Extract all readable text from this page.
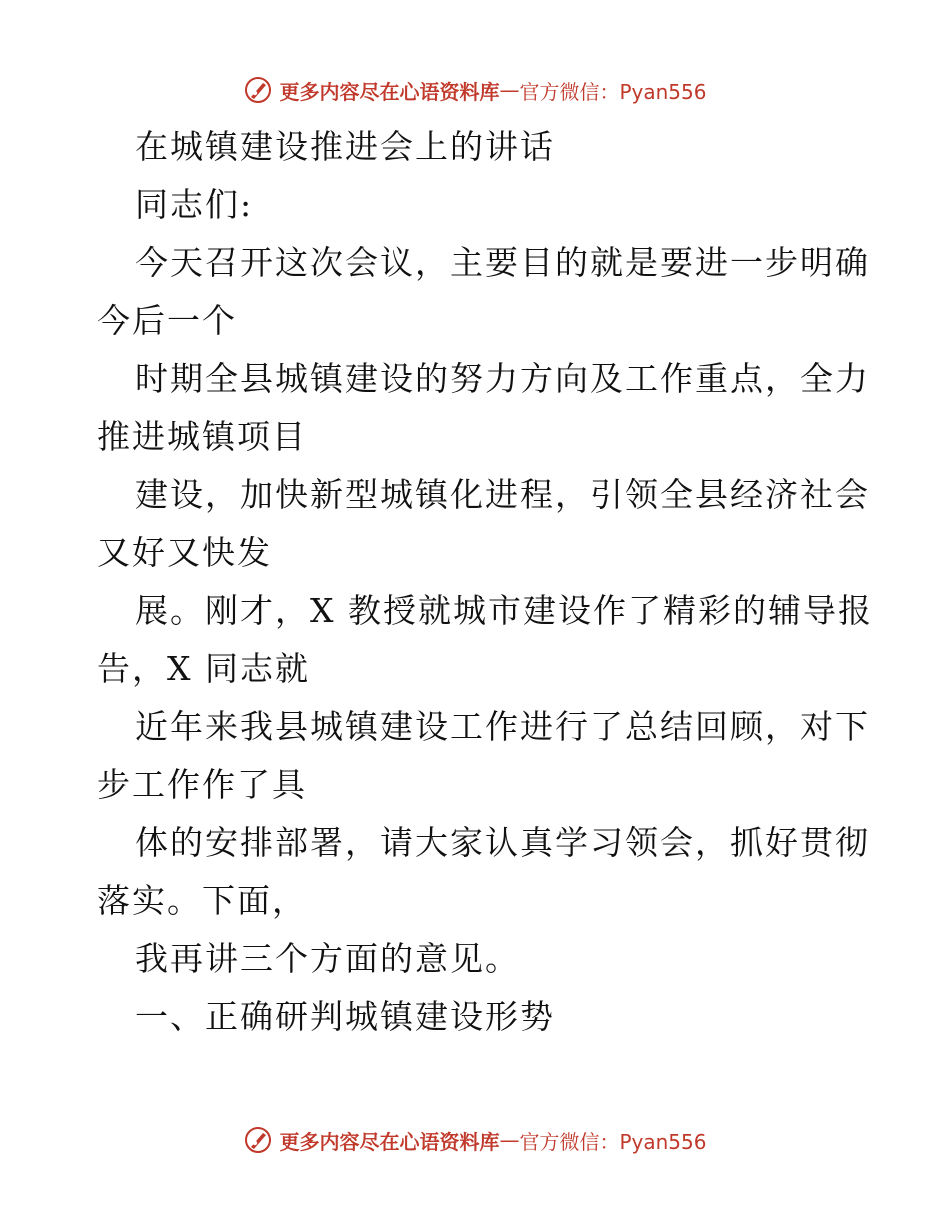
更多内容尽在心语资料库 — 官方微信：Pyan556

在城镇建设推进会上的讲话

同志们:

今天召开这次会议，主要目的就是要进一步明确

今后一个

时期全县城镇建设的努力方向及工作重点，全力

推进城镇项目

建设，加快新型城镇化进程，引领全县经济社会

又好又快发

展。刚才，X 教授就城市建设作了精彩的辅导报

告，X 同志就

近年来我县城镇建设工作进行了总结回顾，对下

步工作作了具

体的安排部署，请大家认真学习领会，抓好贯彻

落实。下面，

我再讲三个方面的意见。

一、正确研判城镇建设形势

更多内容尽在心语资料库 — 官方微信：Pyan556
